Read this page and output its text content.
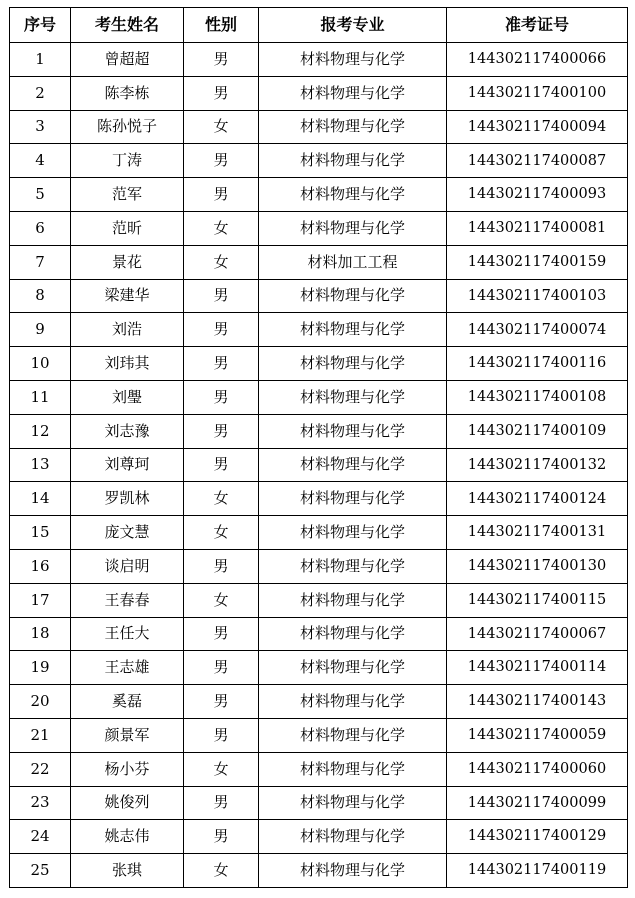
序号	考生姓名	性别	报考专业	准考证号
1	曾超超	男	材料物理与化学	144302117400066
2	陈李栋	男	材料物理与化学	144302117400100
3	陈孙悦子	女	材料物理与化学	144302117400094
4	丁涛	男	材料物理与化学	144302117400087
5	范军	男	材料物理与化学	144302117400093
6	范昕	女	材料物理与化学	144302117400081
7	景花	女	材料加工工程	144302117400159
8	梁建华	男	材料物理与化学	144302117400103
9	刘浩	男	材料物理与化学	144302117400074
10	刘玮其	男	材料物理与化学	144302117400116
11	刘璺	男	材料物理与化学	144302117400108
12	刘志豫	男	材料物理与化学	144302117400109
13	刘尊珂	男	材料物理与化学	144302117400132
14	罗凯林	女	材料物理与化学	144302117400124
15	庞文慧	女	材料物理与化学	144302117400131
16	谈启明	男	材料物理与化学	144302117400130
17	王春春	女	材料物理与化学	144302117400115
18	王任大	男	材料物理与化学	144302117400067
19	王志雄	男	材料物理与化学	144302117400114
20	奚磊	男	材料物理与化学	144302117400143
21	颜景军	男	材料物理与化学	144302117400059
22	杨小芬	女	材料物理与化学	144302117400060
23	姚俊列	男	材料物理与化学	144302117400099
24	姚志伟	男	材料物理与化学	144302117400129
25	张琪	女	材料物理与化学	144302117400119
